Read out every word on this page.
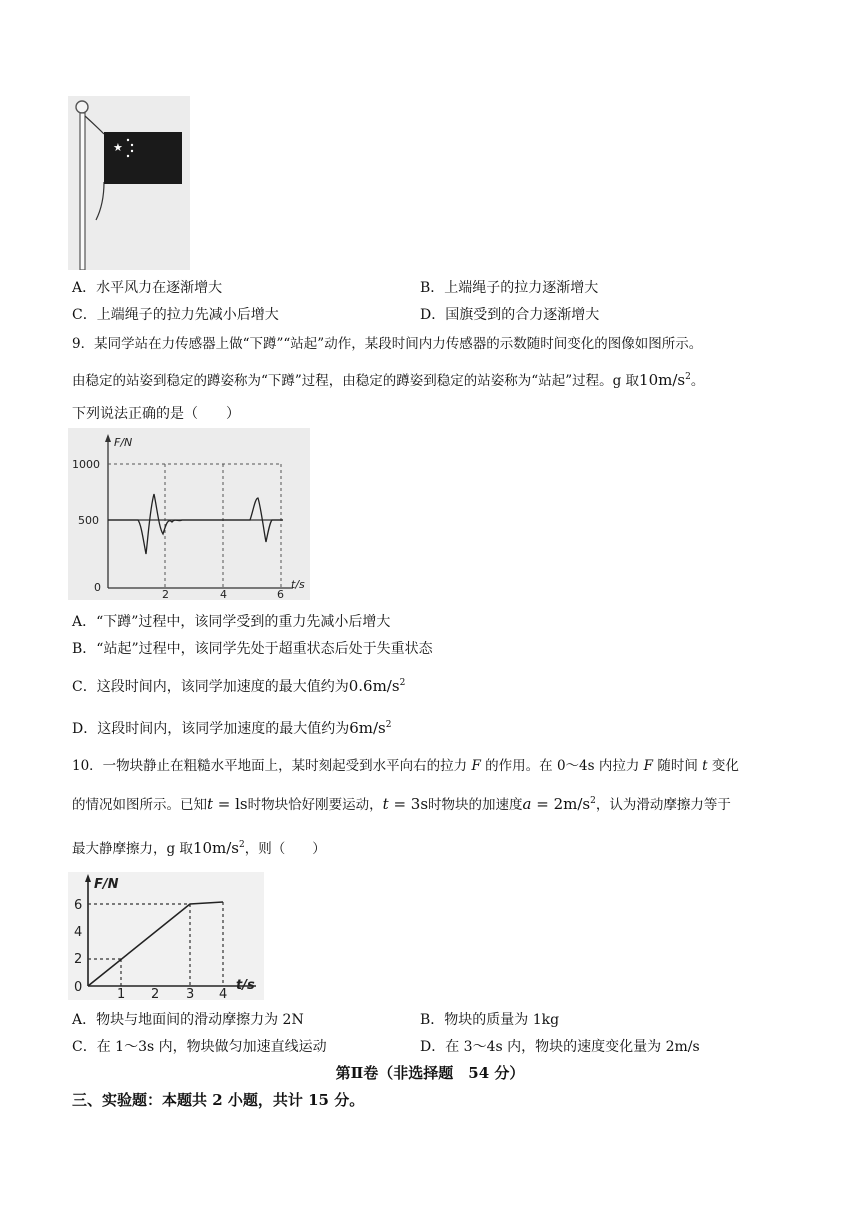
★
A．水平风力在逐渐增大	B．上端绳子的拉力逐渐增大
C．上端绳子的拉力先减小后增大	D．国旗受到的合力逐渐增大
9．某同学站在力传感器上做“下蹲”“站起”动作，某段时间内力传感器的示数随时间变化的图像如图所示。
由稳定的站姿到稳定的蹲姿称为“下蹲”过程，由稳定的蹲姿到稳定的站姿称为“站起”过程。g 取$10m/s^2$。
下列说法正确的是（　　）
F/N
1000
500
0
2	4	6
t/s
A．“下蹲”过程中，该同学受到的重力先减小后增大
B．“站起”过程中，该同学先处于超重状态后处于失重状态
C．这段时间内，该同学加速度的最大值约为$0.6m/s^2$
D．这段时间内，该同学加速度的最大值约为$6m/s^2$
10．一物块静止在粗糙水平地面上，某时刻起受到水平向右的拉力 F 的作用。在 0～4s 内拉力 F 随时间 t 变化
的情况如图所示。已知t = ls时物块恰好刚要运动，t = 3s时物块的加速度$a = 2m/s^2$，认为滑动摩擦力等于
最大静摩擦力，g 取$10m/s^2$，则（　　）
F/N
6
4
2
0	1 2 3 4
t/s
A．物块与地面间的滑动摩擦力为 2N	B．物块的质量为 1kg
C．在 1～3s 内，物块做匀加速直线运动	D．在 3～4s 内，物块的速度变化量为 2m/s
第Ⅱ卷（非选择题　54 分）
三、实验题：本题共 2 小题，共计 15 分。
